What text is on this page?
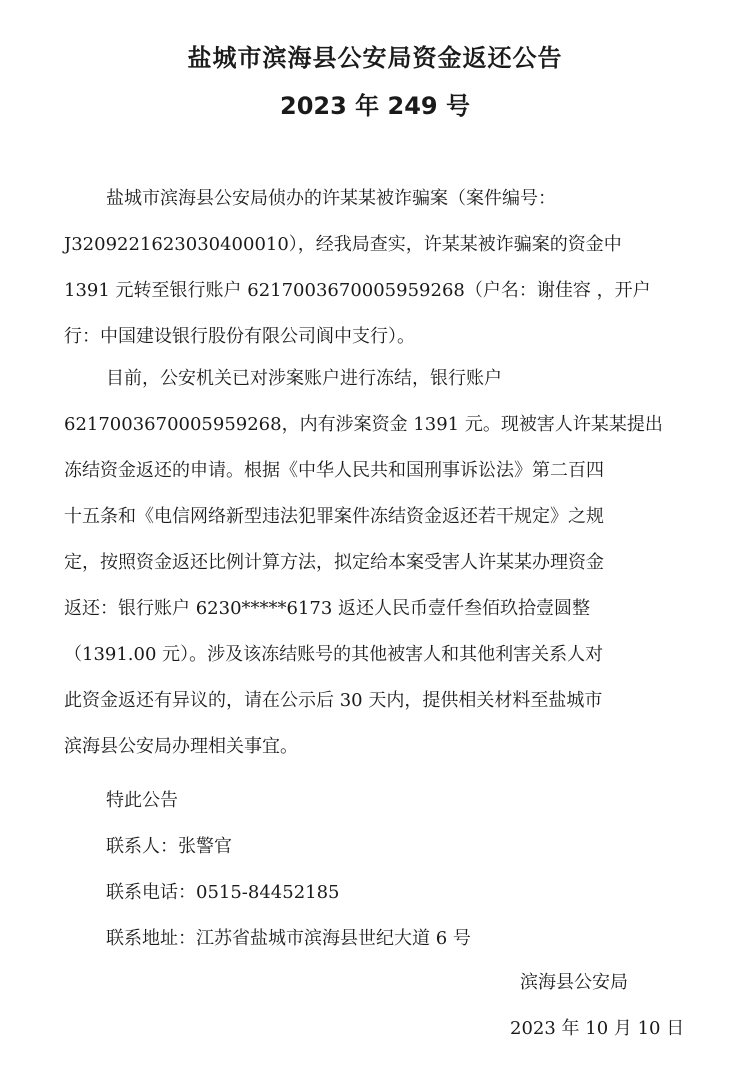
盐城市滨海县公安局资金返还公告
2023 年 249 号
盐城市滨海县公安局侦办的许某某被诈骗案（案件编号：
J3209221623030400010），经我局查实，许某某被诈骗案的资金中
1391 元转至银行账户 6217003670005959268（户名：谢佳容 ，开户
行：中国建设银行股份有限公司阆中支行）。
目前，公安机关已对涉案账户进行冻结，银行账户
6217003670005959268，内有涉案资金 1391 元。现被害人许某某提出
冻结资金返还的申请。根据《中华人民共和国刑事诉讼法》第二百四
十五条和《电信网络新型违法犯罪案件冻结资金返还若干规定》之规
定，按照资金返还比例计算方法，拟定给本案受害人许某某办理资金
返还：银行账户 6230*****6173 返还人民币壹仟叁佰玖拾壹圆整
（1391.00 元）。涉及该冻结账号的其他被害人和其他利害关系人对
此资金返还有异议的，请在公示后 30 天内，提供相关材料至盐城市
滨海县公安局办理相关事宜。
特此公告
联系人：张警官
联系电话：0515-84452185
联系地址：江苏省盐城市滨海县世纪大道 6 号
滨海县公安局
2023 年 10 月 10 日
